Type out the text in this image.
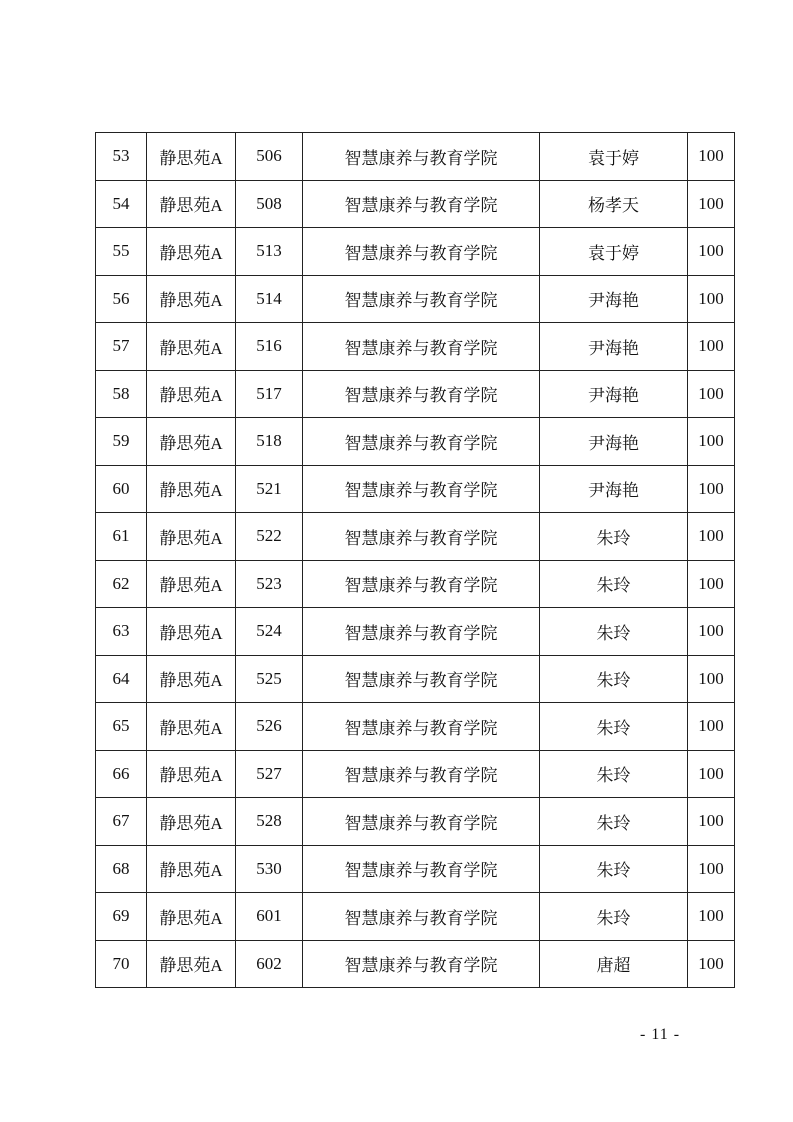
53	静思苑A	506	智慧康养与教育学院	袁于婷	100
54	静思苑A	508	智慧康养与教育学院	杨孝天	100
55	静思苑A	513	智慧康养与教育学院	袁于婷	100
56	静思苑A	514	智慧康养与教育学院	尹海艳	100
57	静思苑A	516	智慧康养与教育学院	尹海艳	100
58	静思苑A	517	智慧康养与教育学院	尹海艳	100
59	静思苑A	518	智慧康养与教育学院	尹海艳	100
60	静思苑A	521	智慧康养与教育学院	尹海艳	100
61	静思苑A	522	智慧康养与教育学院	朱玲	100
62	静思苑A	523	智慧康养与教育学院	朱玲	100
63	静思苑A	524	智慧康养与教育学院	朱玲	100
64	静思苑A	525	智慧康养与教育学院	朱玲	100
65	静思苑A	526	智慧康养与教育学院	朱玲	100
66	静思苑A	527	智慧康养与教育学院	朱玲	100
67	静思苑A	528	智慧康养与教育学院	朱玲	100
68	静思苑A	530	智慧康养与教育学院	朱玲	100
69	静思苑A	601	智慧康养与教育学院	朱玲	100
70	静思苑A	602	智慧康养与教育学院	唐超	100
- 11 -
